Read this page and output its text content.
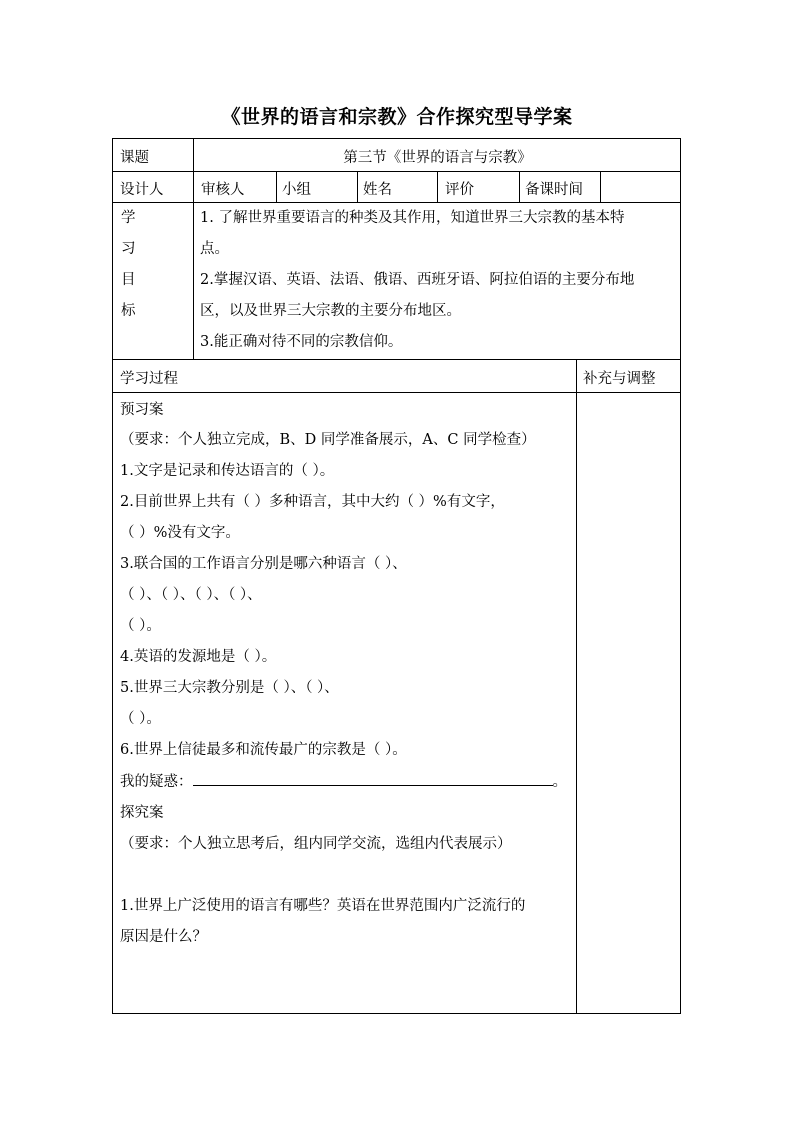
《世界的语言和宗教》合作探究型导学案
课题	第三节《世界的语言与宗教》
设计人	审核人	小组	姓名	评价	备课时间
学
习
目
标
1. 了解世界重要语言的种类及其作用，知道世界三大宗教的基本特
点。
2.掌握汉语、英语、法语、俄语、西班牙语、阿拉伯语的主要分布地
区，以及世界三大宗教的主要分布地区。
3.能正确对待不同的宗教信仰。
学习过程	补充与调整
预习案
（要求：个人独立完成，B、D 同学准备展示，A、C 同学检查）
1.文字是记录和传达语言的（ ）。
2.目前世界上共有（ ）多种语言，其中大约（ ）%有文字，
（ ）%没有文字。
3.联合国的工作语言分别是哪六种语言（ ）、
（ ）、（ ）、（ ）、（ ）、
（ ）。
4.英语的发源地是（ ）。
5.世界三大宗教分别是（ ）、（ ）、
（ ）。
6.世界上信徒最多和流传最广的宗教是（ ）。
我的疑惑：	。
探究案
（要求：个人独立思考后，组内同学交流，选组内代表展示）
1.世界上广泛使用的语言有哪些？英语在世界范围内广泛流行的
原因是什么？
